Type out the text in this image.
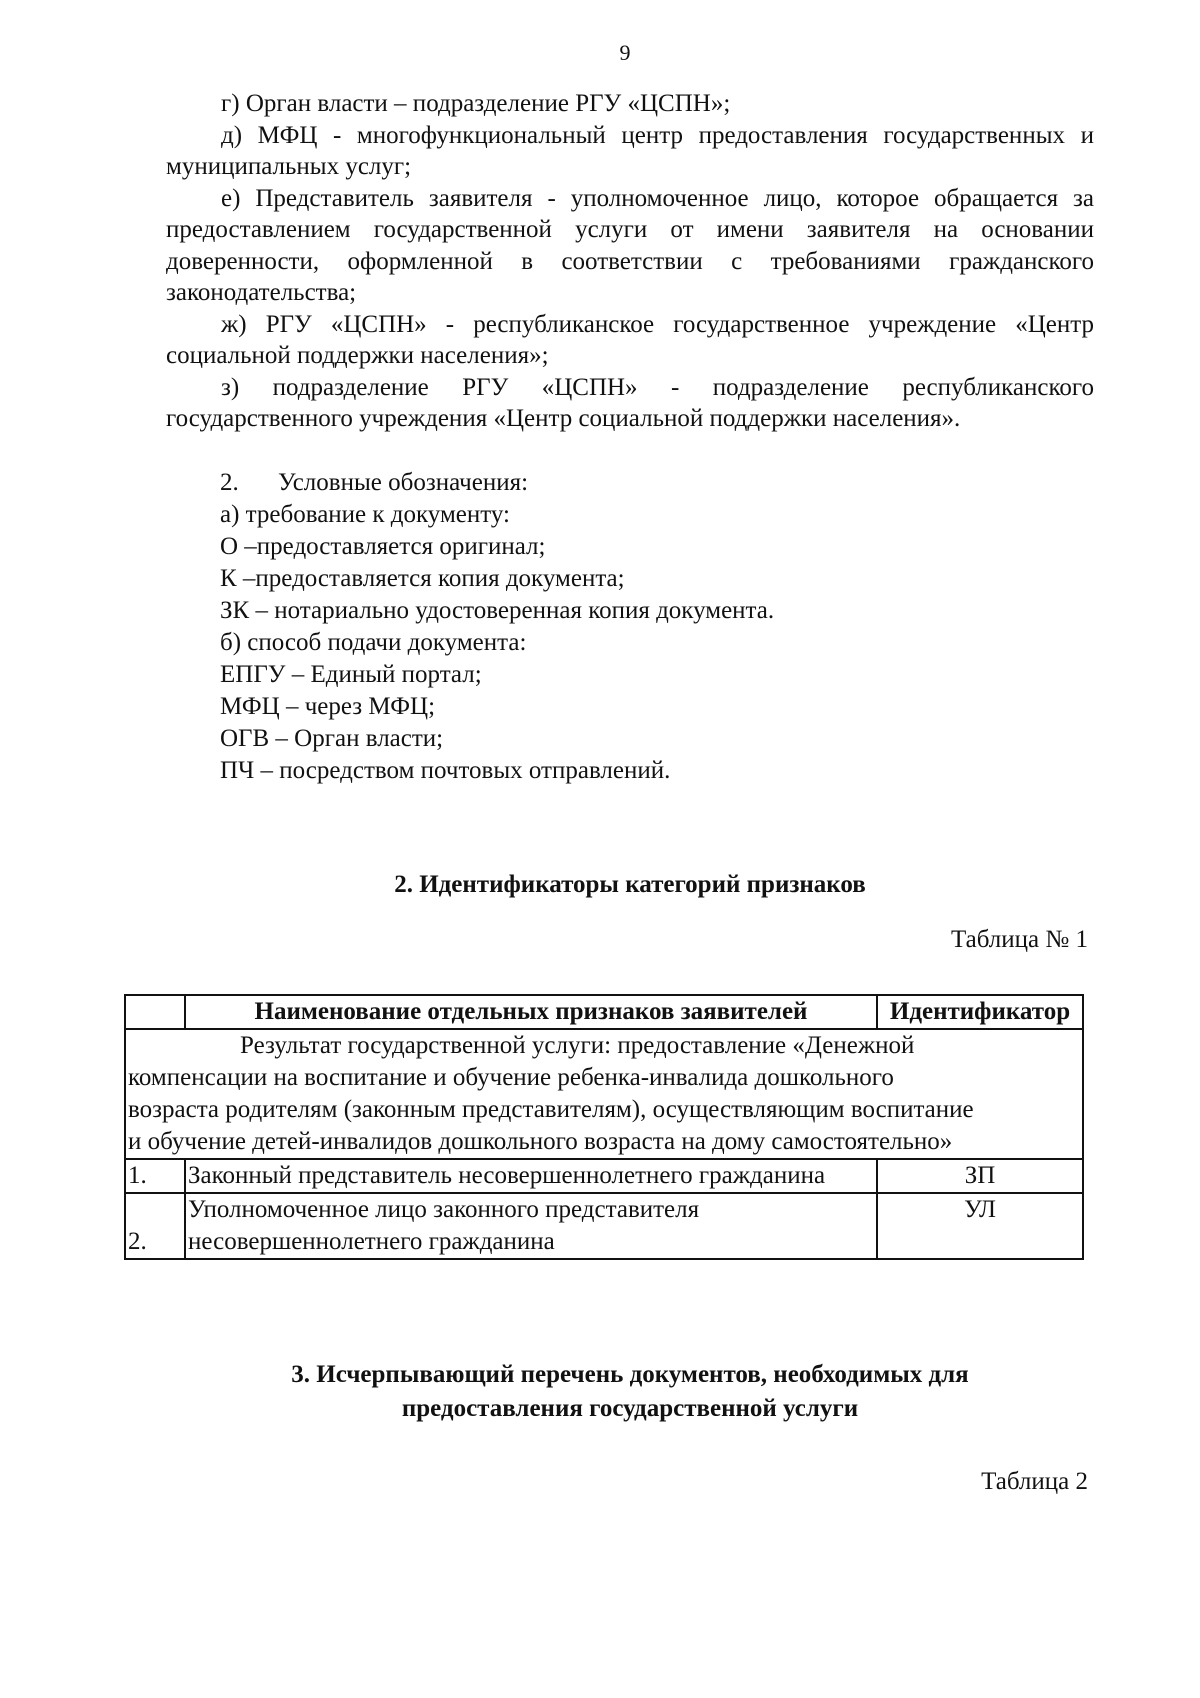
9

г) Орган власти – подразделение РГУ «ЦСПН»;

д) МФЦ - многофункциональный центр предоставления государственных и муниципальных услуг;

е) Представитель заявителя - уполномоченное лицо, которое обращается за предоставлением государственной услуги от имени заявителя на основании доверенности, оформленной в соответствии с требованиями гражданского законодательства;

ж) РГУ «ЦСПН» - республиканское государственное учреждение «Центр социальной поддержки населения»;

з) подразделение РГУ «ЦСПН» - подразделение республиканского государственного учреждения «Центр социальной поддержки населения».

2. Условные обозначения:

а) требование к документу:

О –предоставляется оригинал;

К –предоставляется копия документа;

ЗК – нотариально удостоверенная копия документа.

б) способ подачи документа:

ЕПГУ – Единый портал;

МФЦ – через МФЦ;

ОГВ – Орган власти;

ПЧ – посредством почтовых отправлений.

2. Идентификаторы категорий признаков
Таблица № 1
	Наименование отдельных признаков заявителей	Идентификатор

Результат государственной услуги: предоставление «Денежной
компенсации на воспитание и обучение ребенка-инвалида дошкольного
возраста родителям (законным представителям), осуществляющим воспитание
и обучение детей-инвалидов дошкольного возраста на дому самостоятельно»		

1.	Законный представитель несовершеннолетнего гражданина	ЗП
2.	Уполномоченное лицо законного представителя несовершеннолетнего гражданина	УЛ
3. Исчерпывающий перечень документов, необходимых для предоставления государственной услуги
Таблица 2
